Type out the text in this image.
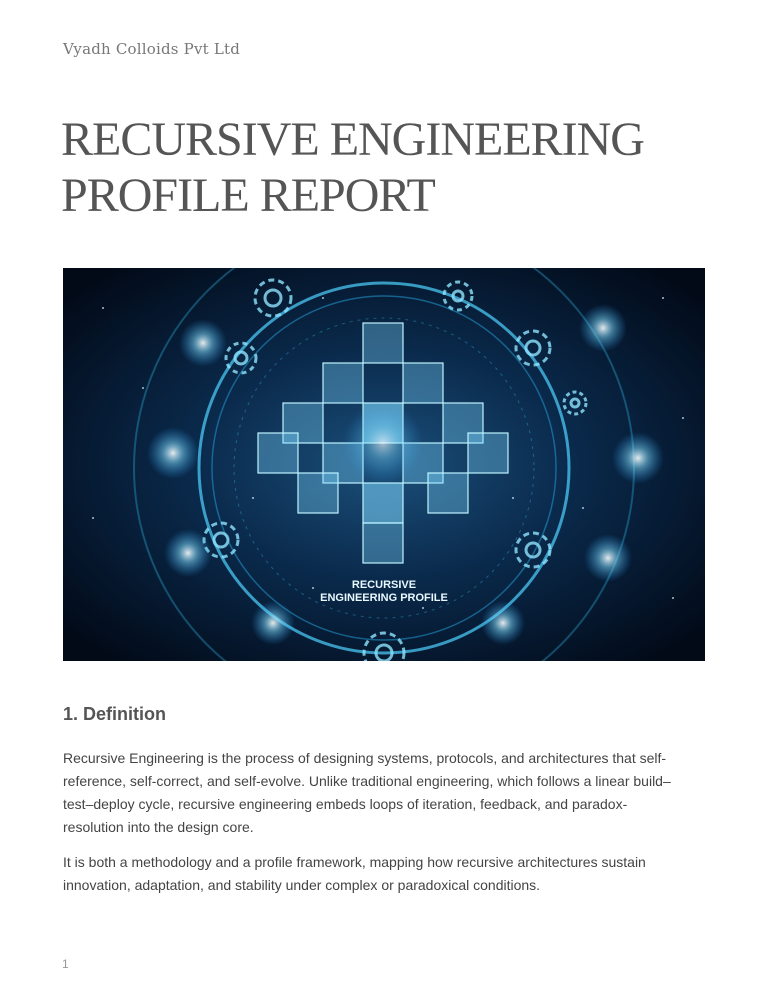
Vyadh Colloids Pvt Ltd
RECURSIVE ENGINEERING
PROFILE REPORT
RECURSIVE
ENGINEERING PROFILE
1. Definition

Recursive Engineering is the process of designing systems, protocols, and architectures that self-reference, self-correct, and self-evolve. Unlike traditional engineering, which follows a linear build–test–deploy cycle, recursive engineering embeds loops of iteration, feedback, and paradox-resolution into the design core.

It is both a methodology and a profile framework, mapping how recursive architectures sustain innovation, adaptation, and stability under complex or paradoxical conditions.

1
